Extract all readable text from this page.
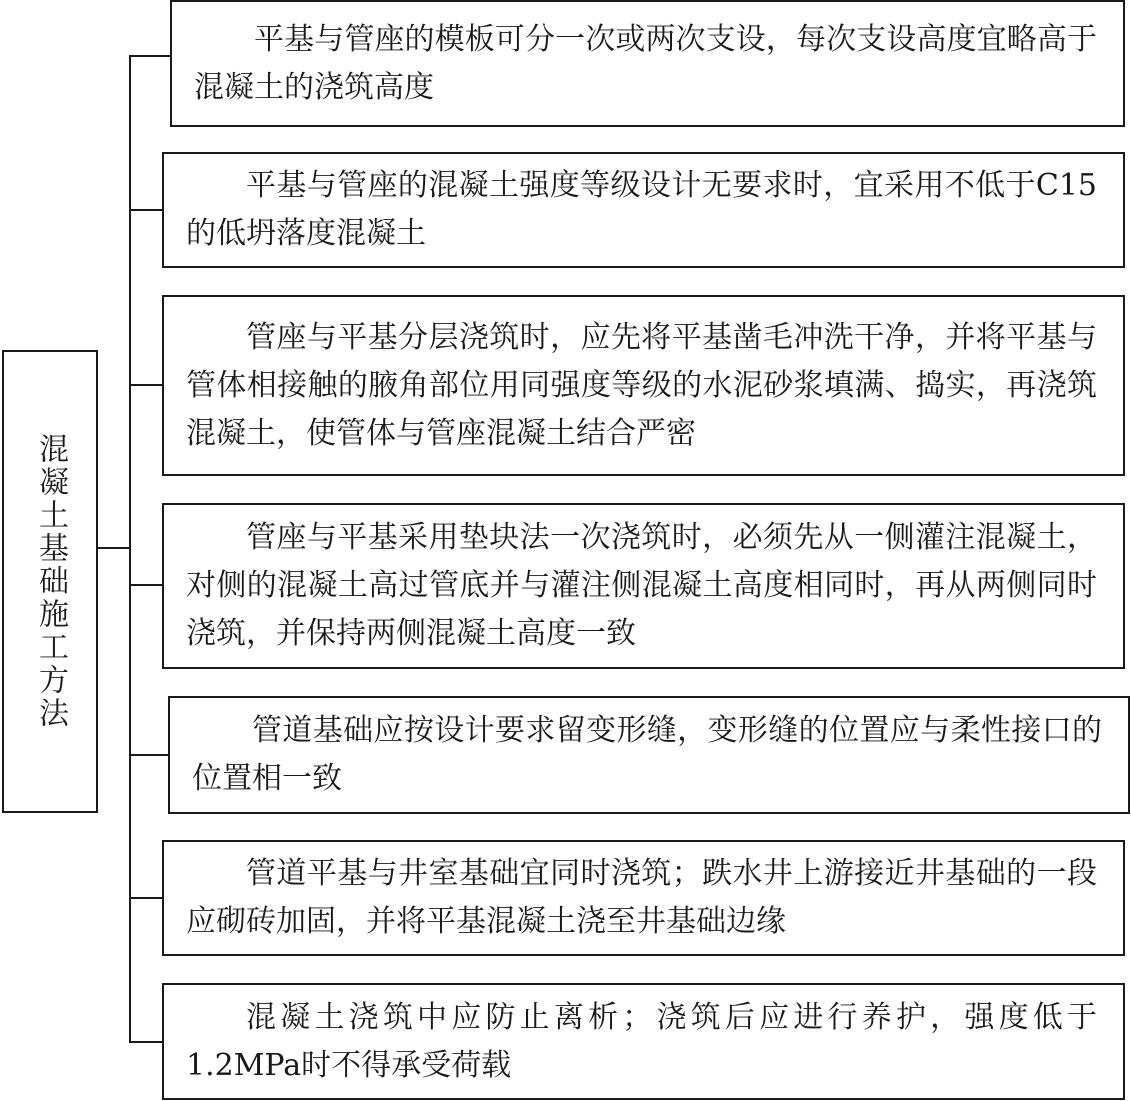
混凝土基础施工方法
平基与管座的模板可分一次或两次支设，每次支设高度宜略高于混凝土的浇筑高度
平基与管座的混凝土强度等级设计无要求时，宜采用不低于C15的低坍落度混凝土
管座与平基分层浇筑时，应先将平基凿毛冲洗干净，并将平基与管体相接触的腋角部位用同强度等级的水泥砂浆填满、捣实，再浇筑混凝土，使管体与管座混凝土结合严密
管座与平基采用垫块法一次浇筑时，必须先从一侧灌注混凝土，对侧的混凝土高过管底并与灌注侧混凝土高度相同时，再从两侧同时浇筑，并保持两侧混凝土高度一致
管道基础应按设计要求留变形缝，变形缝的位置应与柔性接口的位置相一致
管道平基与井室基础宜同时浇筑；跌水井上游接近井基础的一段应砌砖加固，并将平基混凝土浇至井基础边缘
混凝土浇筑中应防止离析；浇筑后应进行养护，强度低于1.2MPa时不得承受荷载
